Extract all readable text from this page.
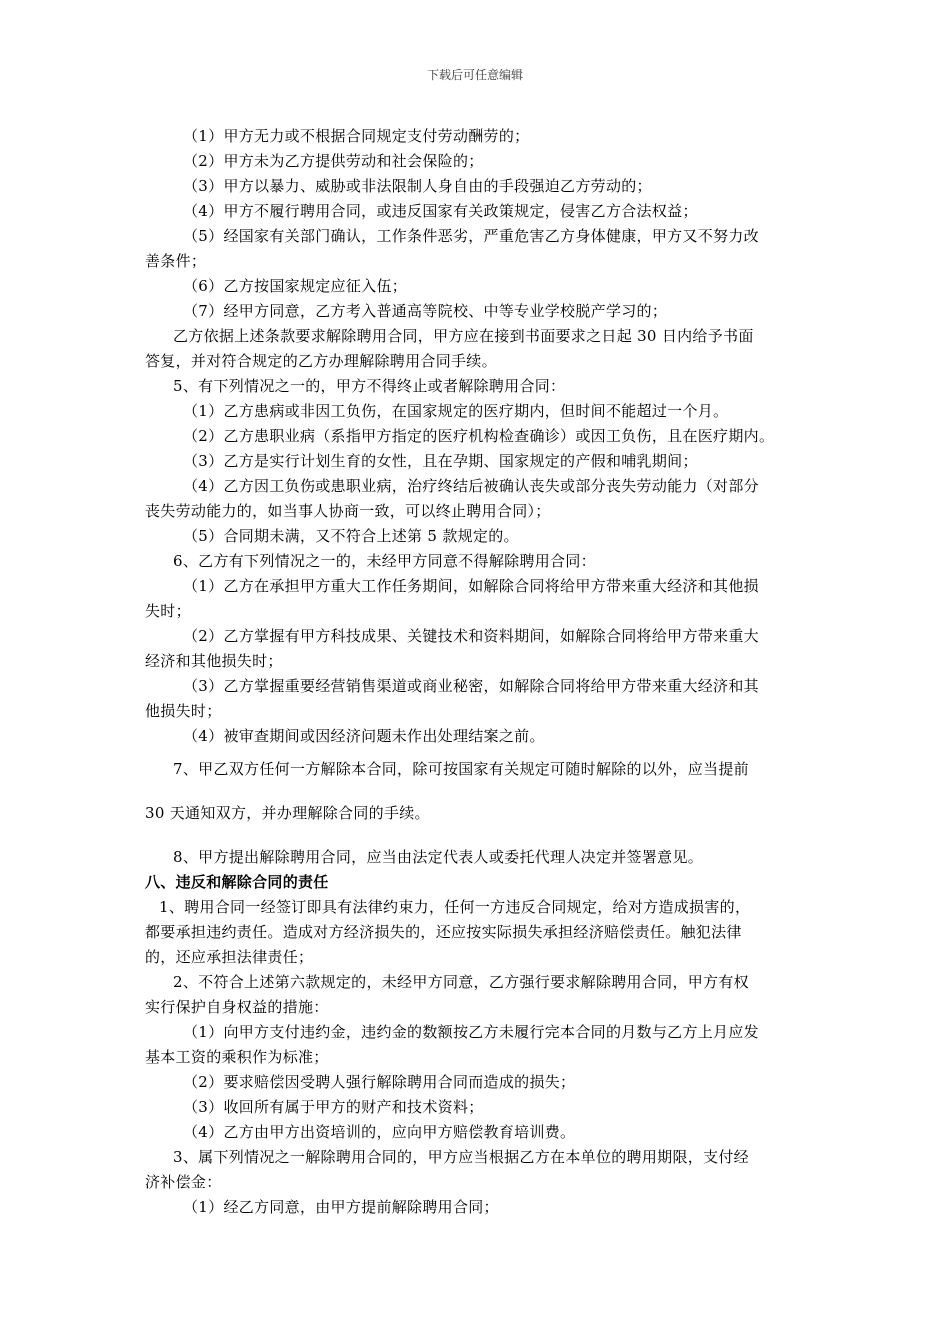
下载后可任意编辑
（1）甲方无力或不根据合同规定支付劳动酬劳的；
（2）甲方未为乙方提供劳动和社会保险的；
（3）甲方以暴力、威胁或非法限制人身自由的手段强迫乙方劳动的；
（4）甲方不履行聘用合同，或违反国家有关政策规定，侵害乙方合法权益；
（5）经国家有关部门确认，工作条件恶劣，严重危害乙方身体健康，甲方又不努力改
善条件；
（6）乙方按国家规定应征入伍；
（7）经甲方同意，乙方考入普通高等院校、中等专业学校脱产学习的；
乙方依据上述条款要求解除聘用合同，甲方应在接到书面要求之日起 30 日内给予书面
答复，并对符合规定的乙方办理解除聘用合同手续。
5、有下列情况之一的，甲方不得终止或者解除聘用合同：
（1）乙方患病或非因工负伤，在国家规定的医疗期内，但时间不能超过一个月。
（2）乙方患职业病（系指甲方指定的医疗机构检查确诊）或因工负伤，且在医疗期内。
（3）乙方是实行计划生育的女性，且在孕期、国家规定的产假和哺乳期间；
（4）乙方因工负伤或患职业病，治疗终结后被确认丧失或部分丧失劳动能力（对部分
丧失劳动能力的，如当事人协商一致，可以终止聘用合同）；
（5）合同期未满，又不符合上述第 5 款规定的。
6、乙方有下列情况之一的，未经甲方同意不得解除聘用合同：
（1）乙方在承担甲方重大工作任务期间，如解除合同将给甲方带来重大经济和其他损
失时；
（2）乙方掌握有甲方科技成果、关键技术和资料期间，如解除合同将给甲方带来重大
经济和其他损失时；
（3）乙方掌握重要经营销售渠道或商业秘密，如解除合同将给甲方带来重大经济和其
他损失时；
（4）被审查期间或因经济问题未作出处理结案之前。
7、甲乙双方任何一方解除本合同，除可按国家有关规定可随时解除的以外，应当提前
30 天通知双方，并办理解除合同的手续。
8、甲方提出解除聘用合同，应当由法定代表人或委托代理人决定并签署意见。
八、违反和解除合同的责任
1、聘用合同一经签订即具有法律约束力，任何一方违反合同规定，给对方造成损害的，
都要承担违约责任。造成对方经济损失的，还应按实际损失承担经济赔偿责任。触犯法律
的，还应承担法律责任；
2、不符合上述第六款规定的，未经甲方同意，乙方强行要求解除聘用合同，甲方有权
实行保护自身权益的措施：
（1）向甲方支付违约金，违约金的数额按乙方未履行完本合同的月数与乙方上月应发
基本工资的乘积作为标准；
（2）要求赔偿因受聘人强行解除聘用合同而造成的损失；
（3）收回所有属于甲方的财产和技术资料；
（4）乙方由甲方出资培训的，应向甲方赔偿教育培训费。
3、属下列情况之一解除聘用合同的，甲方应当根据乙方在本单位的聘用期限，支付经
济补偿金：
（1）经乙方同意，由甲方提前解除聘用合同；
